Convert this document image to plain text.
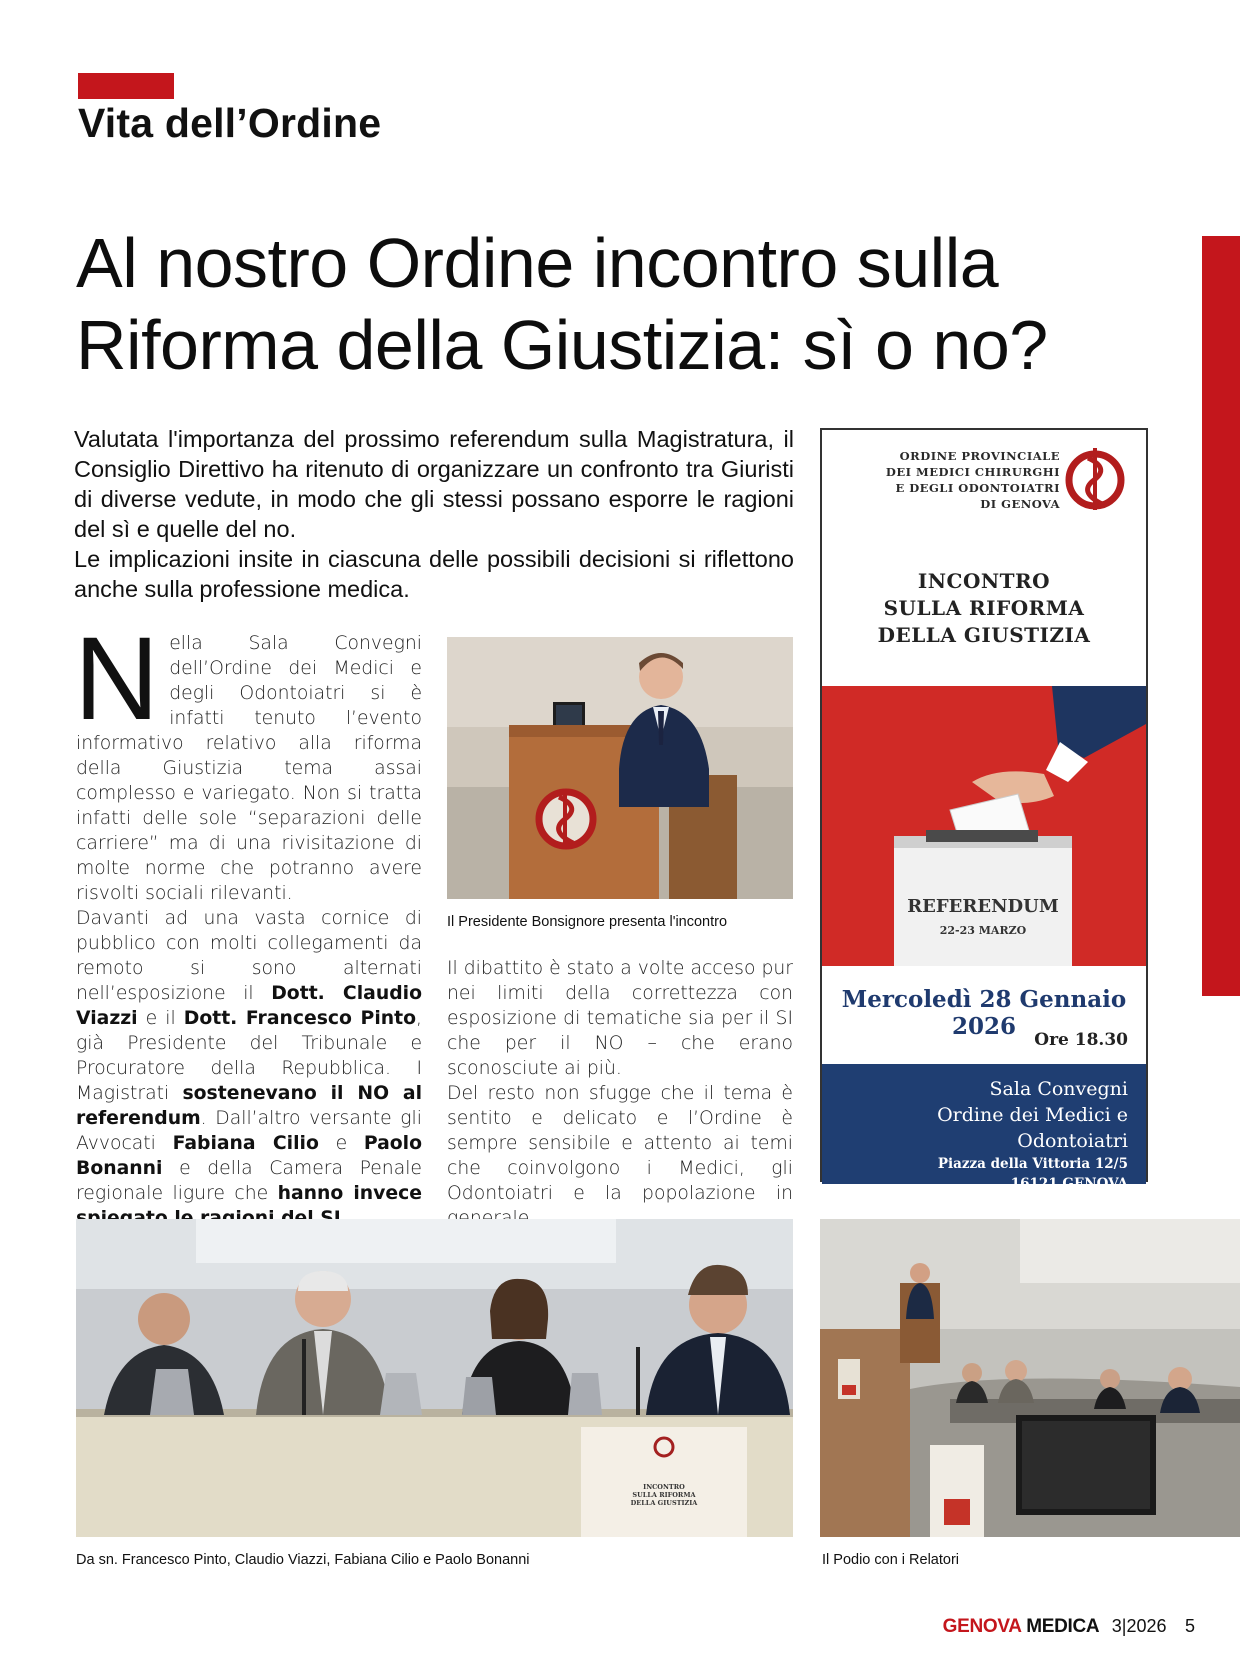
Vita dell’Ordine
Al nostro Ordine incontro sulla
Riforma della Giustizia: sì o no?

Valutata l'importanza del prossimo referendum sulla Magistratura, il Consiglio Direttivo ha ritenuto di organizzare un confronto tra Giuristi di diverse vedute, in modo che gli stessi possano esporre le ragioni del sì e quelle del no.

Le implicazioni insite in ciascuna delle possibili decisioni si riflettono anche sulla professione medica.

N ella Sala Convegni dell’Ordine dei Medici e degli Odontoiatri si è infatti tenuto l’evento informativo relativo alla riforma della Giustizia tema assai complesso e variegato. Non si tratta infatti delle sole “separazioni delle carriere” ma di una rivisitazione di molte norme che potranno avere risvolti sociali rilevanti.

Davanti ad una vasta cornice di pubblico con molti collegamenti da remoto si sono alternati nell’esposizione il Dott. Claudio Viazzi e il Dott. Francesco Pinto, già Presidente del Tribunale e Procuratore della Repubblica. I Magistrati sostenevano il NO al referendum. Dall’altro versante gli Avvocati Fabiana Cilio e Paolo Bonanni e della Camera Penale regionale ligure che hanno invece

Il Presidente Bonsignore presenta l'incontro

Il dibattito è stato a volte acceso pur nei limiti della correttezza con esposizione di tematiche sia per il SI che per il NO – che erano sconosciute ai più.

Del resto non sfugge che il tema è sentito e delicato e l’Ordine è sempre sensibile e attento ai temi che coinvolgono i Medici, gli Odontoiatri e la popolazione in

ORDINE PROVINCIALE
DEI MEDICI CHIRURGHI
E DEGLI ODONTOIATRI
DI GENOVA
INCONTRO
SULLA RIFORMA
DELLA GIUSTIZIA
REFERENDUM
22-23 MARZO
Mercoledì 28 Gennaio 2026	Ore 18.30
Sala Convegni
Ordine dei Medici e Odontoiatri
Piazza della Vittoria 12/5
16121 GENOVA
INCONTRO
SULLA RIFORMA
DELLA GIUSTIZIA
Da sn. Francesco Pinto, Claudio Viazzi, Fabiana Cilio e Paolo Bonanni	Il Podio con i Relatori
GENOVA MEDICA 3|2026 5
